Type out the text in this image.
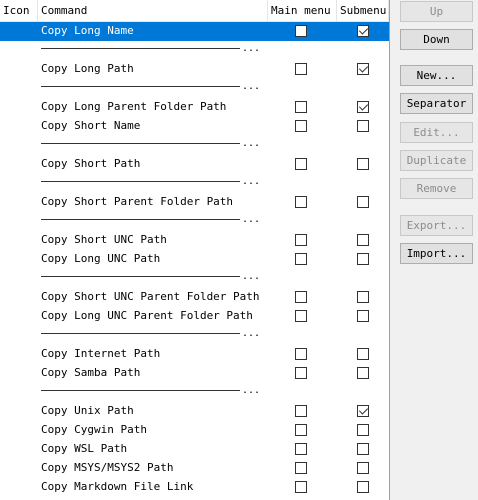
Icon	Command	Main menu Submenu
Copy Long Name
...
Copy Long Path
...
Copy Long Parent Folder Path
Copy Short Name
...
Copy Short Path
...
Copy Short Parent Folder Path
...
Copy Short UNC Path
Copy Long UNC Path
...
Copy Short UNC Parent Folder Path
Copy Long UNC Parent Folder Path
...
Copy Internet Path
Copy Samba Path
...
Copy Unix Path
Copy Cygwin Path
Copy WSL Path
Copy MSYS/MSYS2 Path
Copy Markdown File Link
Up
Down
New...
Separator
Edit...
Duplicate
Remove
Export...
Import...
